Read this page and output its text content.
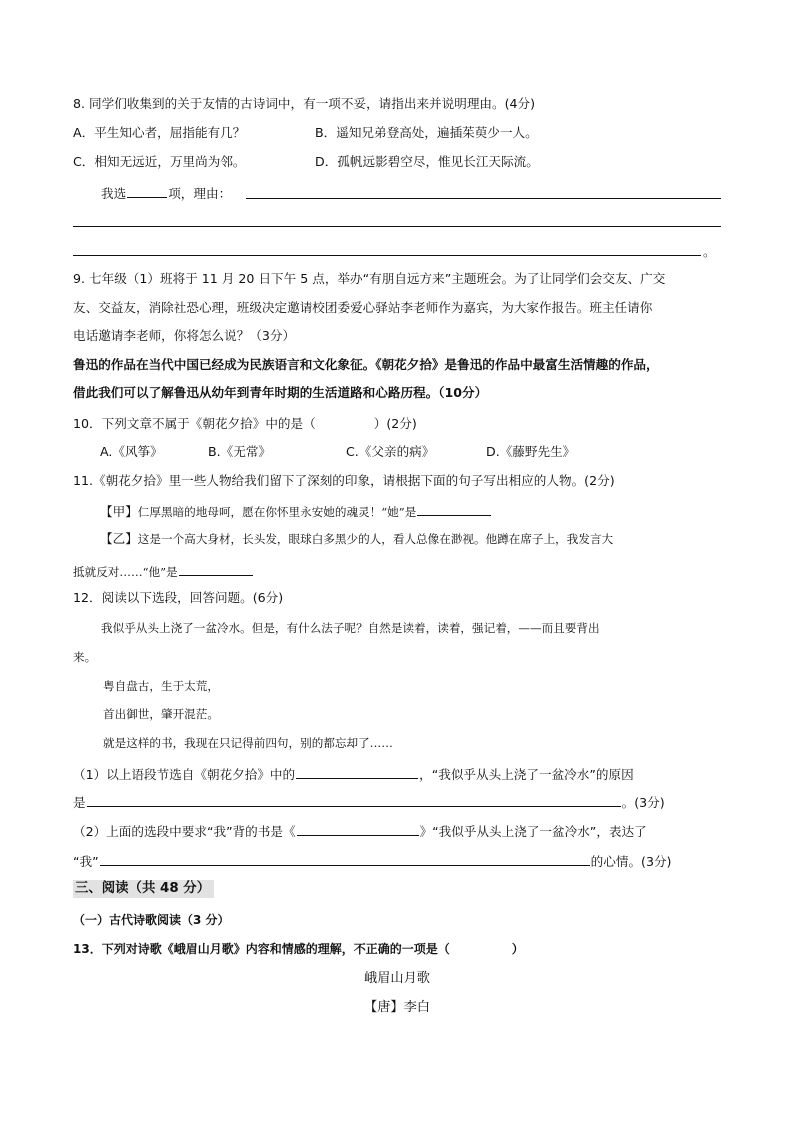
8. 同学们收集到的关于友情的古诗词中，有一项不妥，请指出来并说明理由。(4分)
A．平生知心者，屈指能有几？	B．遥知兄弟登高处，遍插茱萸少一人。
C．相知无远近，万里尚为邻。	D．孤帆远影碧空尽，惟见长江天际流。
我选	项，理由：
。
9. 七年级（1）班将于 11 月 20 日下午 5 点，举办“有朋自远方来”主题班会。为了让同学们会交友、广交
友、交益友，消除社恐心理，班级决定邀请校团委爱心驿站李老师作为嘉宾，为大家作报告。班主任请你
电话邀请李老师，你将怎么说？（3分）
鲁迅的作品在当代中国已经成为民族语言和文化象征。《朝花夕拾》是鲁迅的作品中最富生活情趣的作品，
借此我们可以了解鲁迅从幼年到青年时期的生活道路和心路历程。（10分）
10．下列文章不属于《朝花夕拾》中的是（	）(2分)
A.《风筝》	B.《无常》	C.《父亲的病》	D.《藤野先生》
11.《朝花夕拾》里一些人物给我们留下了深刻的印象，请根据下面的句子写出相应的人物。(2分)
【甲】仁厚黑暗的地母呵，愿在你怀里永安她的魂灵！“她”是
【乙】这是一个高大身材，长头发，眼球白多黑少的人，看人总像在渺视。他蹲在席子上，我发言大
抵就反对……“他”是
12．阅读以下选段，回答问题。(6分)
我似乎从头上浇了一盆冷水。但是，有什么法子呢？自然是读着，读着，强记着，——而且要背出
来。
粤自盘古，生于太荒，
首出御世，肇开混茫。
就是这样的书，我现在只记得前四句，别的都忘却了……
（1）以上语段节选自《朝花夕拾》中的	，“我似乎从头上浇了一盆冷水”的原因
是	。(3分)
（2）上面的选段中要求“我”背的书是《	》“我似乎从头上浇了一盆冷水”，表达了
“我”	的心情。(3分)
三、阅读（共 48 分）
（一）古代诗歌阅读（3 分）
13．下列对诗歌《峨眉山月歌》内容和情感的理解，不正确的一项是（	）
峨眉山月歌
【唐】李白
